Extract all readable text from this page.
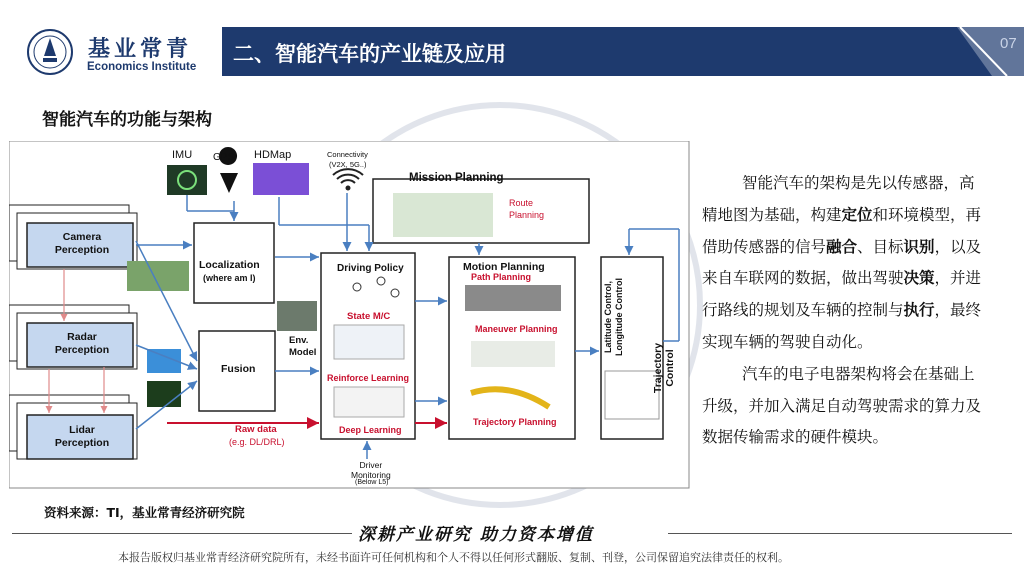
基业常青
Economics Institute
二、智能汽车的产业链及应用	07
智能汽车的功能与架构
IMU GPS HDMap	Connectivity
(V2X, 5G..)
Camera
Perception
Radar
Perception
Lidar
Perception
Localization
(where am I)
Fusion
Env.
Model
Raw data
(e.g. DL/DRL)
Mission Planning
Route
Planning
Driving Policy
State M/C
Reinforce Learning
Deep Learning
Driver
Monitoring
(Below L5)
Motion Planning
Path Planning
Maneuver Planning
Trajectory Planning
Latitude Control,
Longitude Control
Trajectory
Control

智能汽车的架构是先以传感器，高精地图为基础，构建定位和环境模型，再借助传感器的信号融合、目标识别，以及来自车联网的数据，做出驾驶决策，并进行路线的规划及车辆的控制与执行，最终实现车辆的驾驶自动化。

汽车的电子电器架构将会在基础上升级，并加入满足自动驾驶需求的算力及数据传输需求的硬件模块。

资料来源：TI，基业常青经济研究院
深耕产业研究 助力资本增值
本报告版权归基业常青经济研究院所有，未经书面许可任何机构和个人不得以任何形式翻版、复制、刊登，公司保留追究法律责任的权利。
